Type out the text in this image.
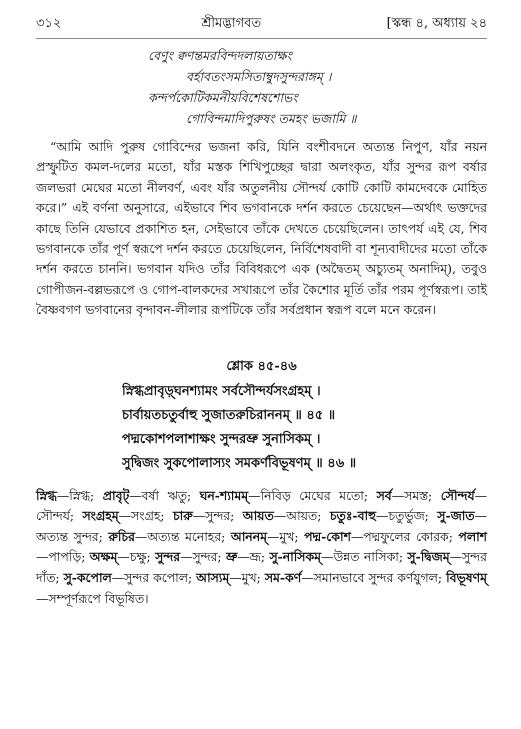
৩১২	শ্রীমদ্ভাগবত	[স্কন্ধ ৪, অধ্যায় ২৪
বেণুং ক্বণন্তমরবিন্দদলায়তাক্ষং
বর্হাবতংসমসিতাম্বুদসুন্দরাঙ্গম্ ।
কন্দর্পকোটিকমনীয়বিশেষশোভং
গোবিন্দমাদিপুরুষং তমহং ভজামি ॥

“আমি আদি পুরুষ গোবিন্দের ভজনা করি, যিনি বংশীবদনে অত্যন্ত নিপুণ, যাঁর নয়ন প্রস্ফুটিত কমল-দলের মতো, যাঁর মস্তক শিখিপুচ্ছের দ্বারা অলংকৃত, যাঁর সুন্দর রূপ বর্ষার জলভরা মেঘের মতো নীলবর্ণ, এবং যাঁর অতুলনীয় সৌন্দর্য কোটি কোটি কামদেবকে মোহিত করে।” এই বর্ণনা অনুসারে, এইভাবে শিব ভগবানকে দর্শন করতে চেয়েছেন—অর্থাৎ ভক্তদের কাছে তিনি যেভাবে প্রকাশিত হন, সেইভাবে তাঁকে দেখতে চেয়েছিলেন। তাৎপর্য এই যে, শিব ভগবানকে তাঁর পূর্ণ স্বরূপে দর্শন করতে চেয়েছিলেন, নির্বিশেষবাদী বা শূন্যবাদীদের মতো তাঁকে দর্শন করতে চাননি। ভগবান যদিও তাঁর বিবিধরূপে এক (অদ্বৈতম্ অচ্যুতম্ অনাদিম্), তবুও গোপীজন-বল্লভরূপে ও গোপ-বালকদের সখারূপে তাঁর কৈশোর মূর্তি তাঁর পরম পূর্ণস্বরূপ। তাই বৈষ্ণবগণ ভগবানের বৃন্দাবন-লীলার রূপটিকে তাঁর সর্বপ্রধান স্বরূপ বলে মনে করেন।

শ্লোক ৪৫-৪৬
স্নিগ্ধপ্রাবৃড়্‌ঘনশ্যামং সর্বসৌন্দর্যসংগ্রহম্ ।
চার্বায়তচতুর্বাহু সুজাতরুচিরাননম্ ॥ ৪৫ ॥
পদ্মকোশপলাশাক্ষং সুন্দরভ্রু সুনাসিকম্ ।
সুদ্বিজং সুকপোলাস্যং সমকর্ণবিভূষণম্ ॥ ৪৬ ॥
স্নিগ্ধ—স্নিগ্ধ; প্রাবৃট্—বর্ষা ঋতু; ঘন-শ্যামম্—নিবিড় মেঘের মতো; সর্ব—সমস্ত; সৌন্দর্য—সৌন্দর্য; সংগ্রহম্—সংগ্রহ; চারু—সুন্দর; আয়ত—আয়ত; চতুঃ-বাহু—চতুর্ভুজ; সু-জাত—অত্যন্ত সুন্দর; রুচির—অত্যন্ত মনোহর; আননম্—মুখ; পদ্ম-কোশ—পদ্মফুলের কোরক; পলাশ—পাপড়ি; অক্ষম্—চক্ষু; সুন্দর—সুন্দর; ভ্রু—ভ্রূ; সু-নাসিকম্—উন্নত নাসিকা; সু-দ্বিজম্—সুন্দর দাঁত; সু-কপোল—সুন্দর কপোল; আস্যম্—মুখ; সম-কর্ণ—সমানভাবে সুন্দর কর্ণযুগল; বিভূষণম্—সম্পূর্ণরূপে বিভূষিত।
